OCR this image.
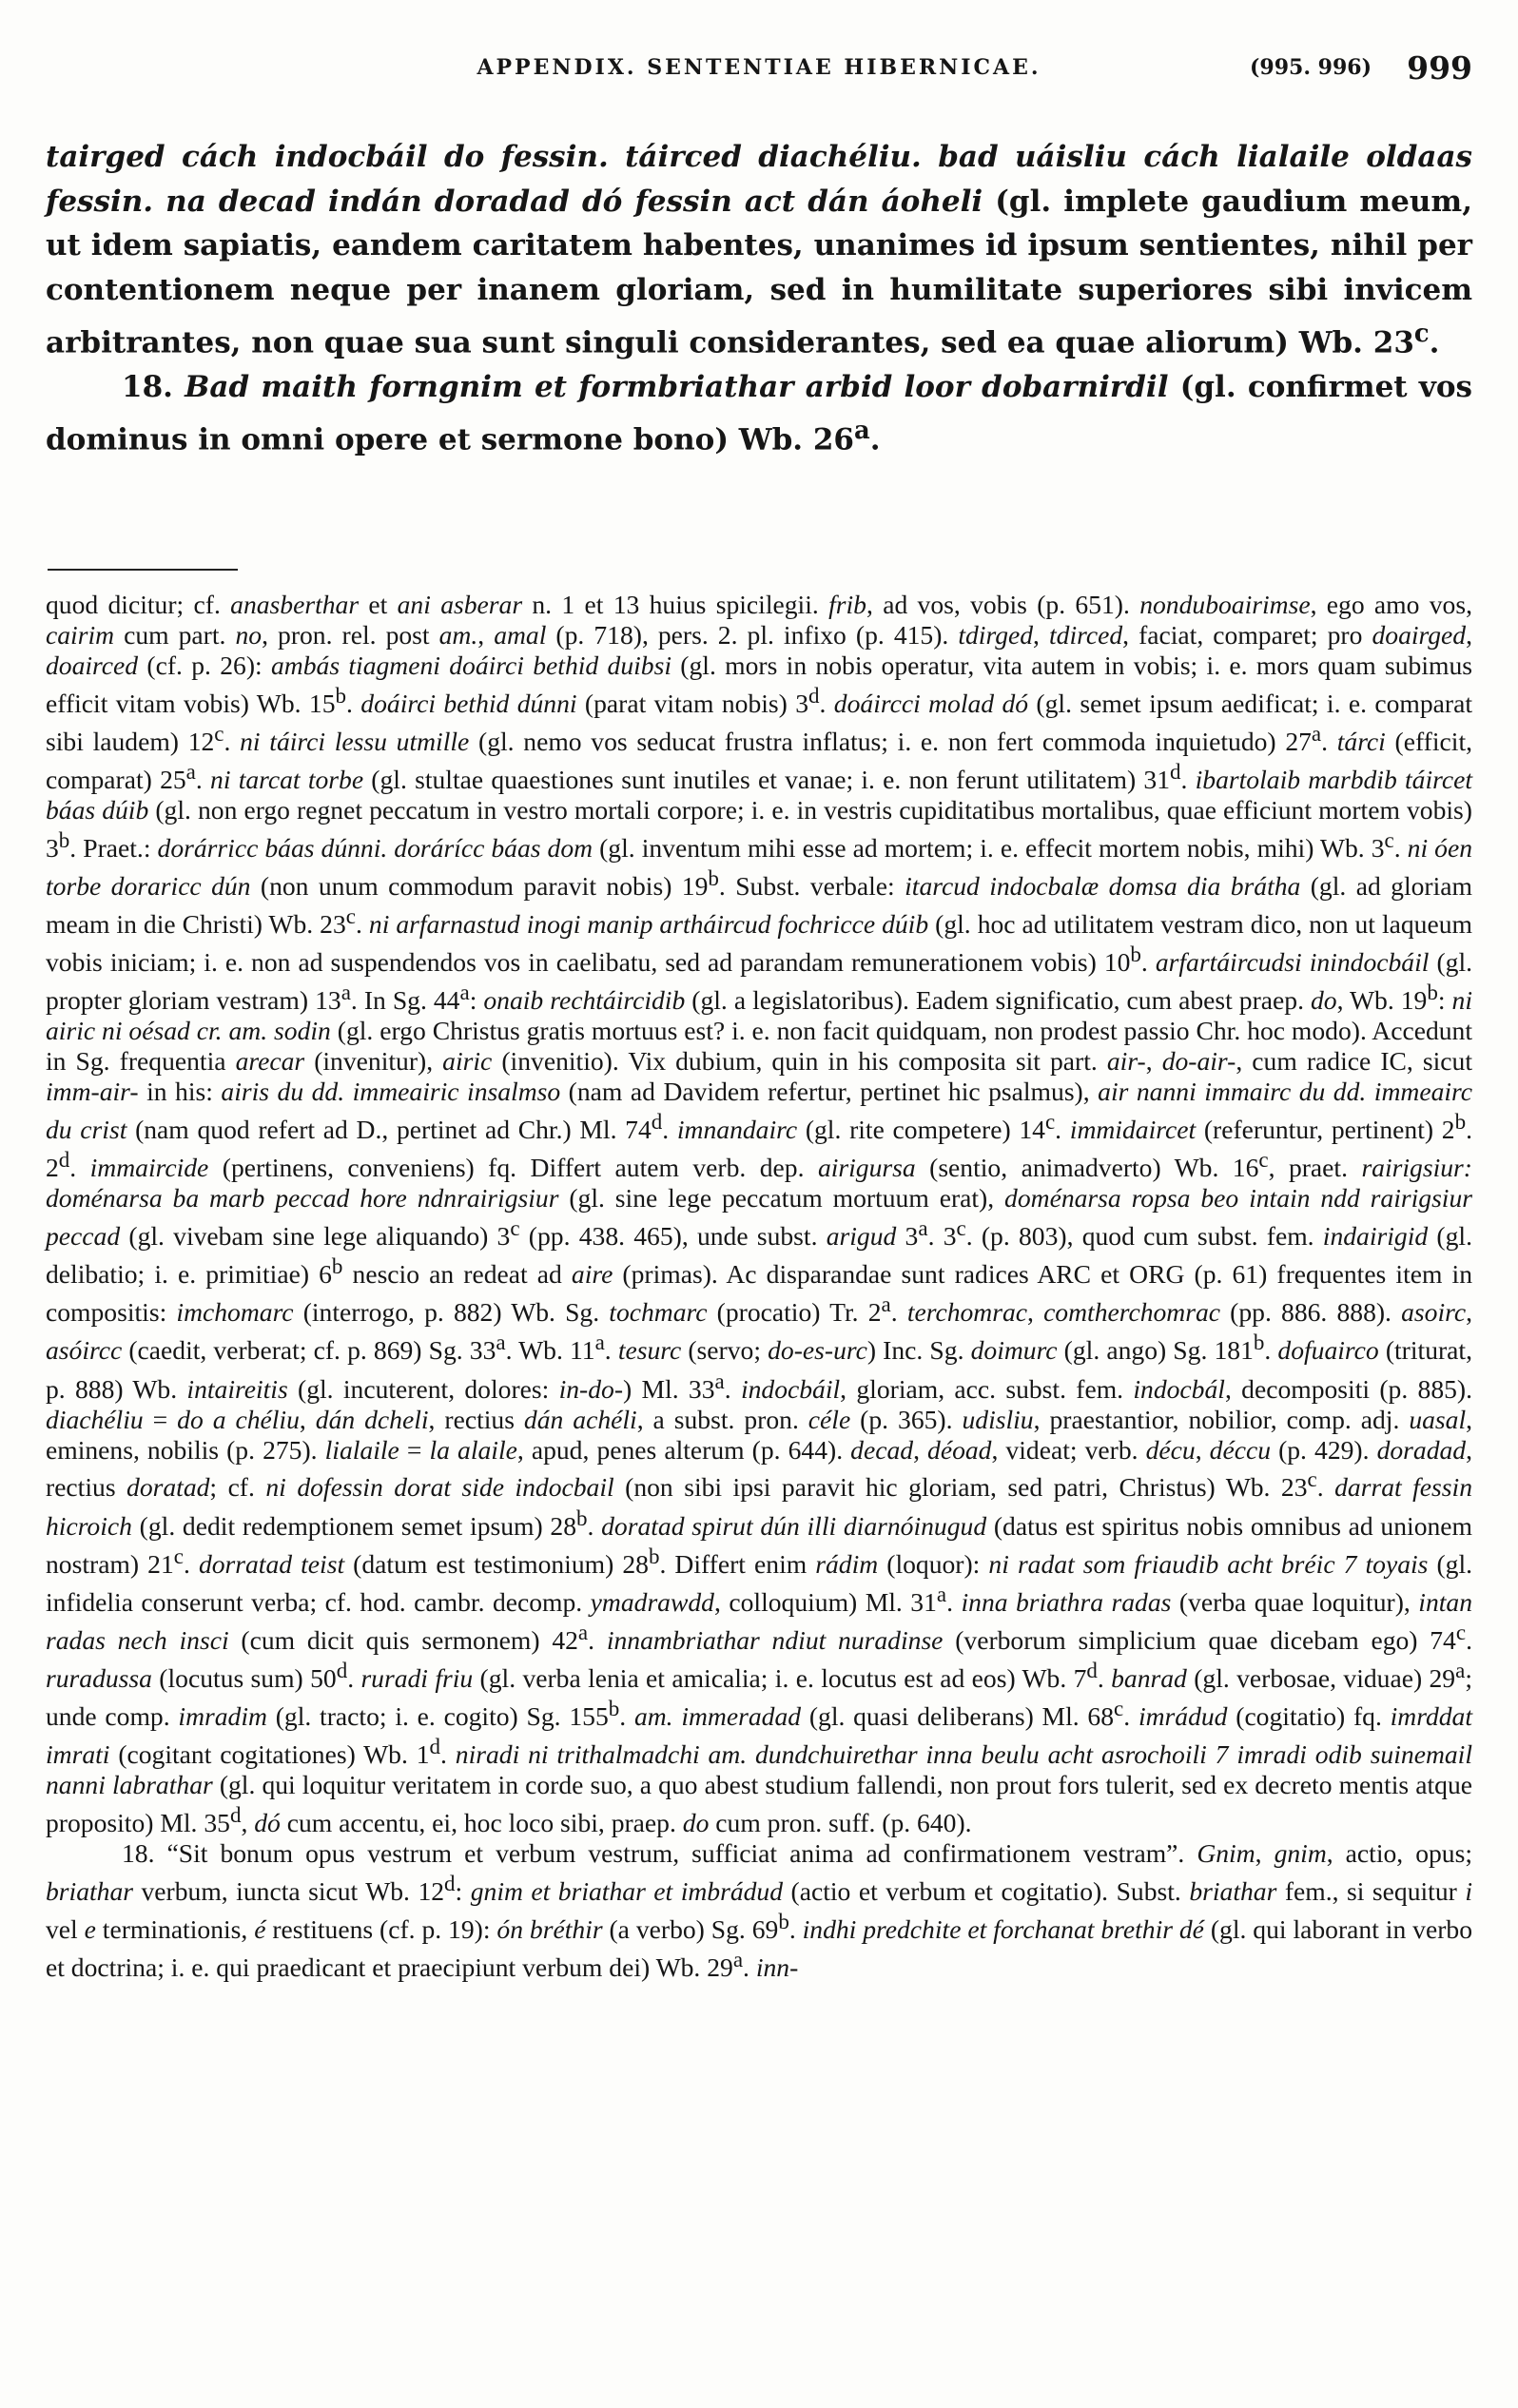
APPENDIX. SENTENTIAE HIBERNICAE.	(995. 996) 999

tairged cách indocbáil do fessin. táirced diachéliu. bad uáisliu cách lialaile oldaas fessin. na decad indán doradad dó fessin act dán áoheli (gl. implete gaudium meum, ut idem sapiatis, eandem caritatem habentes, unanimes id ipsum sentientes, nihil per contentionem neque per inanem gloriam, sed in humilitate superiores sibi invicem arbitrantes, non quae sua sunt singuli considerantes, sed ea quae aliorum) Wb. 23$^c$.

18. Bad maith forngnim et formbriathar arbid loor dobarnirdil (gl. confirmet vos dominus in omni opere et sermone bono) Wb. 26$^a$.

quod dicitur; cf. anasberthar et ani asberar n. 1 et 13 huius spicilegii. frib, ad vos, vobis (p. 651). nonduboairimse, ego amo vos, cairim cum part. no, pron. rel. post am., amal (p. 718), pers. 2. pl. infixo (p. 415). tdirged, tdirced, faciat, comparet; pro doairged, doairced (cf. p. 26): ambás tiagmeni doáirci bethid duibsi (gl. mors in nobis operatur, vita autem in vobis; i. e. mors quam subimus efficit vitam vobis) Wb. 15$^b$. doáirci bethid dúnni (parat vitam nobis) 3$^d$. doáircci molad dó (gl. semet ipsum aedificat; i. e. comparat sibi laudem) 12$^c$. ni táirci lessu utmille (gl. nemo vos seducat frustra inflatus; i. e. non fert commoda inquietudo) 27$^a$. tárci (efficit, comparat) 25$^a$. ni tarcat torbe (gl. stultae quaestiones sunt inutiles et vanae; i. e. non ferunt utilitatem) 31$^d$. ibartolaib marbdib táircet báas dúib (gl. non ergo regnet peccatum in vestro mortali corpore; i. e. in vestris cupiditatibus mortalibus, quae efficiunt mortem vobis) 3$^b$. Praet.: dorárricc báas dúnni. dorárícc báas dom (gl. inventum mihi esse ad mortem; i. e. effecit mortem nobis, mihi) Wb. 3$^c$. ni óen torbe doraricc dún (non unum commodum paravit nobis) 19$^b$. Subst. verbale: itarcud indocbalæ domsa dia brátha (gl. ad gloriam meam in die Christi) Wb. 23$^c$. ni arfarnastud inogi manip artháircud fochricce dúib (gl. hoc ad utilitatem vestram dico, non ut laqueum vobis iniciam; i. e. non ad suspendendos vos in caelibatu, sed ad parandam remunerationem vobis) 10$^b$. arfartáircudsi inindocbáil (gl. propter gloriam vestram) 13$^a$. In Sg. 44$^a$: onaib rechtáircidib (gl. a legislatoribus). Eadem significatio, cum abest praep. do, Wb. 19$^b$: ni airic ni oésad cr. am. sodin (gl. ergo Christus gratis mortuus est? i. e. non facit quidquam, non prodest passio Chr. hoc modo). Accedunt in Sg. frequentia arecar (invenitur), airic (invenitio). Vix dubium, quin in his composita sit part. air-, do-air-, cum radice IC, sicut imm-air- in his: airis du dd. immeairic insalmso (nam ad Davidem refertur, pertinet hic psalmus), air nanni immairc du dd. immeairc du crist (nam quod refert ad D., pertinet ad Chr.) Ml. 74$^d$. imnandairc (gl. rite competere) 14$^c$. immidaircet (referuntur, pertinent) 2$^b$. 2$^d$. immaircide (pertinens, conveniens) fq. Differt autem verb. dep. airigursa (sentio, animadverto) Wb. 16$^c$, praet. rairigsiur: doménarsa ba marb peccad hore ndnrairigsiur (gl. sine lege peccatum mortuum erat), doménarsa ropsa beo intain ndd rairigsiur peccad (gl. vivebam sine lege aliquando) 3$^c$ (pp. 438. 465), unde subst. arigud 3$^a$. 3$^c$. (p. 803), quod cum subst. fem. indairigid (gl. delibatio; i. e. primitiae) 6$^b$ nescio an redeat ad aire (primas). Ac disparandae sunt radices ARC et ORG (p. 61) frequentes item in compositis: imchomarc (interrogo, p. 882) Wb. Sg. tochmarc (procatio) Tr. 2$^a$. terchomrac, comtherchomrac (pp. 886. 888). asoirc, asóircc (caedit, verberat; cf. p. 869) Sg. 33$^a$. Wb. 11$^a$. tesurc (servo; do-es-urc) Inc. Sg. doimurc (gl. ango) Sg. 181$^b$. dofuairco (triturat, p. 888) Wb. intaireitis (gl. incuterent, dolores: in-do-) Ml. 33$^a$. indocbáil, gloriam, acc. subst. fem. indocbál, decompositi (p. 885). diachéliu = do a chéliu, dán dcheli, rectius dán achéli, a subst. pron. céle (p. 365). udisliu, praestantior, nobilior, comp. adj. uasal, eminens, nobilis (p. 275). lialaile = la alaile, apud, penes alterum (p. 644). decad, déoad, videat; verb. décu, déccu (p. 429). doradad, rectius doratad; cf. ni dofessin dorat side indocbail (non sibi ipsi paravit hic gloriam, sed patri, Christus) Wb. 23$^c$. darrat fessin hicroich (gl. dedit redemptionem semet ipsum) 28$^b$. doratad spirut dún illi diarnóinugud (datus est spiritus nobis omnibus ad unionem nostram) 21$^c$. dorratad teist (datum est testimonium) 28$^b$. Differt enim rádim (loquor): ni radat som friaudib acht bréic 7 toyais (gl. infidelia conserunt verba; cf. hod. cambr. decomp. ymadrawdd, colloquium) Ml. 31$^a$. inna briathra radas (verba quae loquitur), intan radas nech insci (cum dicit quis sermonem) 42$^a$. innambriathar ndiut nuradinse (verborum simplicium quae dicebam ego) 74$^c$. ruradussa (locutus sum) 50$^d$. ruradi friu (gl. verba lenia et amicalia; i. e. locutus est ad eos) Wb. 7$^d$. banrad (gl. verbosae, viduae) 29$^a$; unde comp. imradim (gl. tracto; i. e. cogito) Sg. 155$^b$. am. immeradad (gl. quasi deliberans) Ml. 68$^c$. imrádud (cogitatio) fq. imrddat imrati (cogitant cogitationes) Wb. 1$^d$. niradi ni trithalmadchi am. dundchuirethar inna beulu acht asrochoili 7 imradi odib suinemail nanni labrathar (gl. qui loquitur veritatem in corde suo, a quo abest studium fallendi, non prout fors tulerit, sed ex decreto mentis atque proposito) Ml. 35$^d$, dó cum accentu, ei, hoc loco sibi, praep. do cum pron. suff. (p. 640).

18. “Sit bonum opus vestrum et verbum vestrum, sufficiat anima ad confirmationem vestram”. Gnim, gnim, actio, opus; briathar verbum, iuncta sicut Wb. 12$^d$: gnim et briathar et imbrádud (actio et verbum et cogitatio). Subst. briathar fem., si sequitur i vel e terminationis, é restituens (cf. p. 19): ón bréthir (a verbo) Sg. 69$^b$. indhi predchite et forchanat brethir dé (gl. qui laborant in verbo et doctrina; i. e. qui praedicant et praecipiunt verbum dei) Wb. 29$^a$. inn-
